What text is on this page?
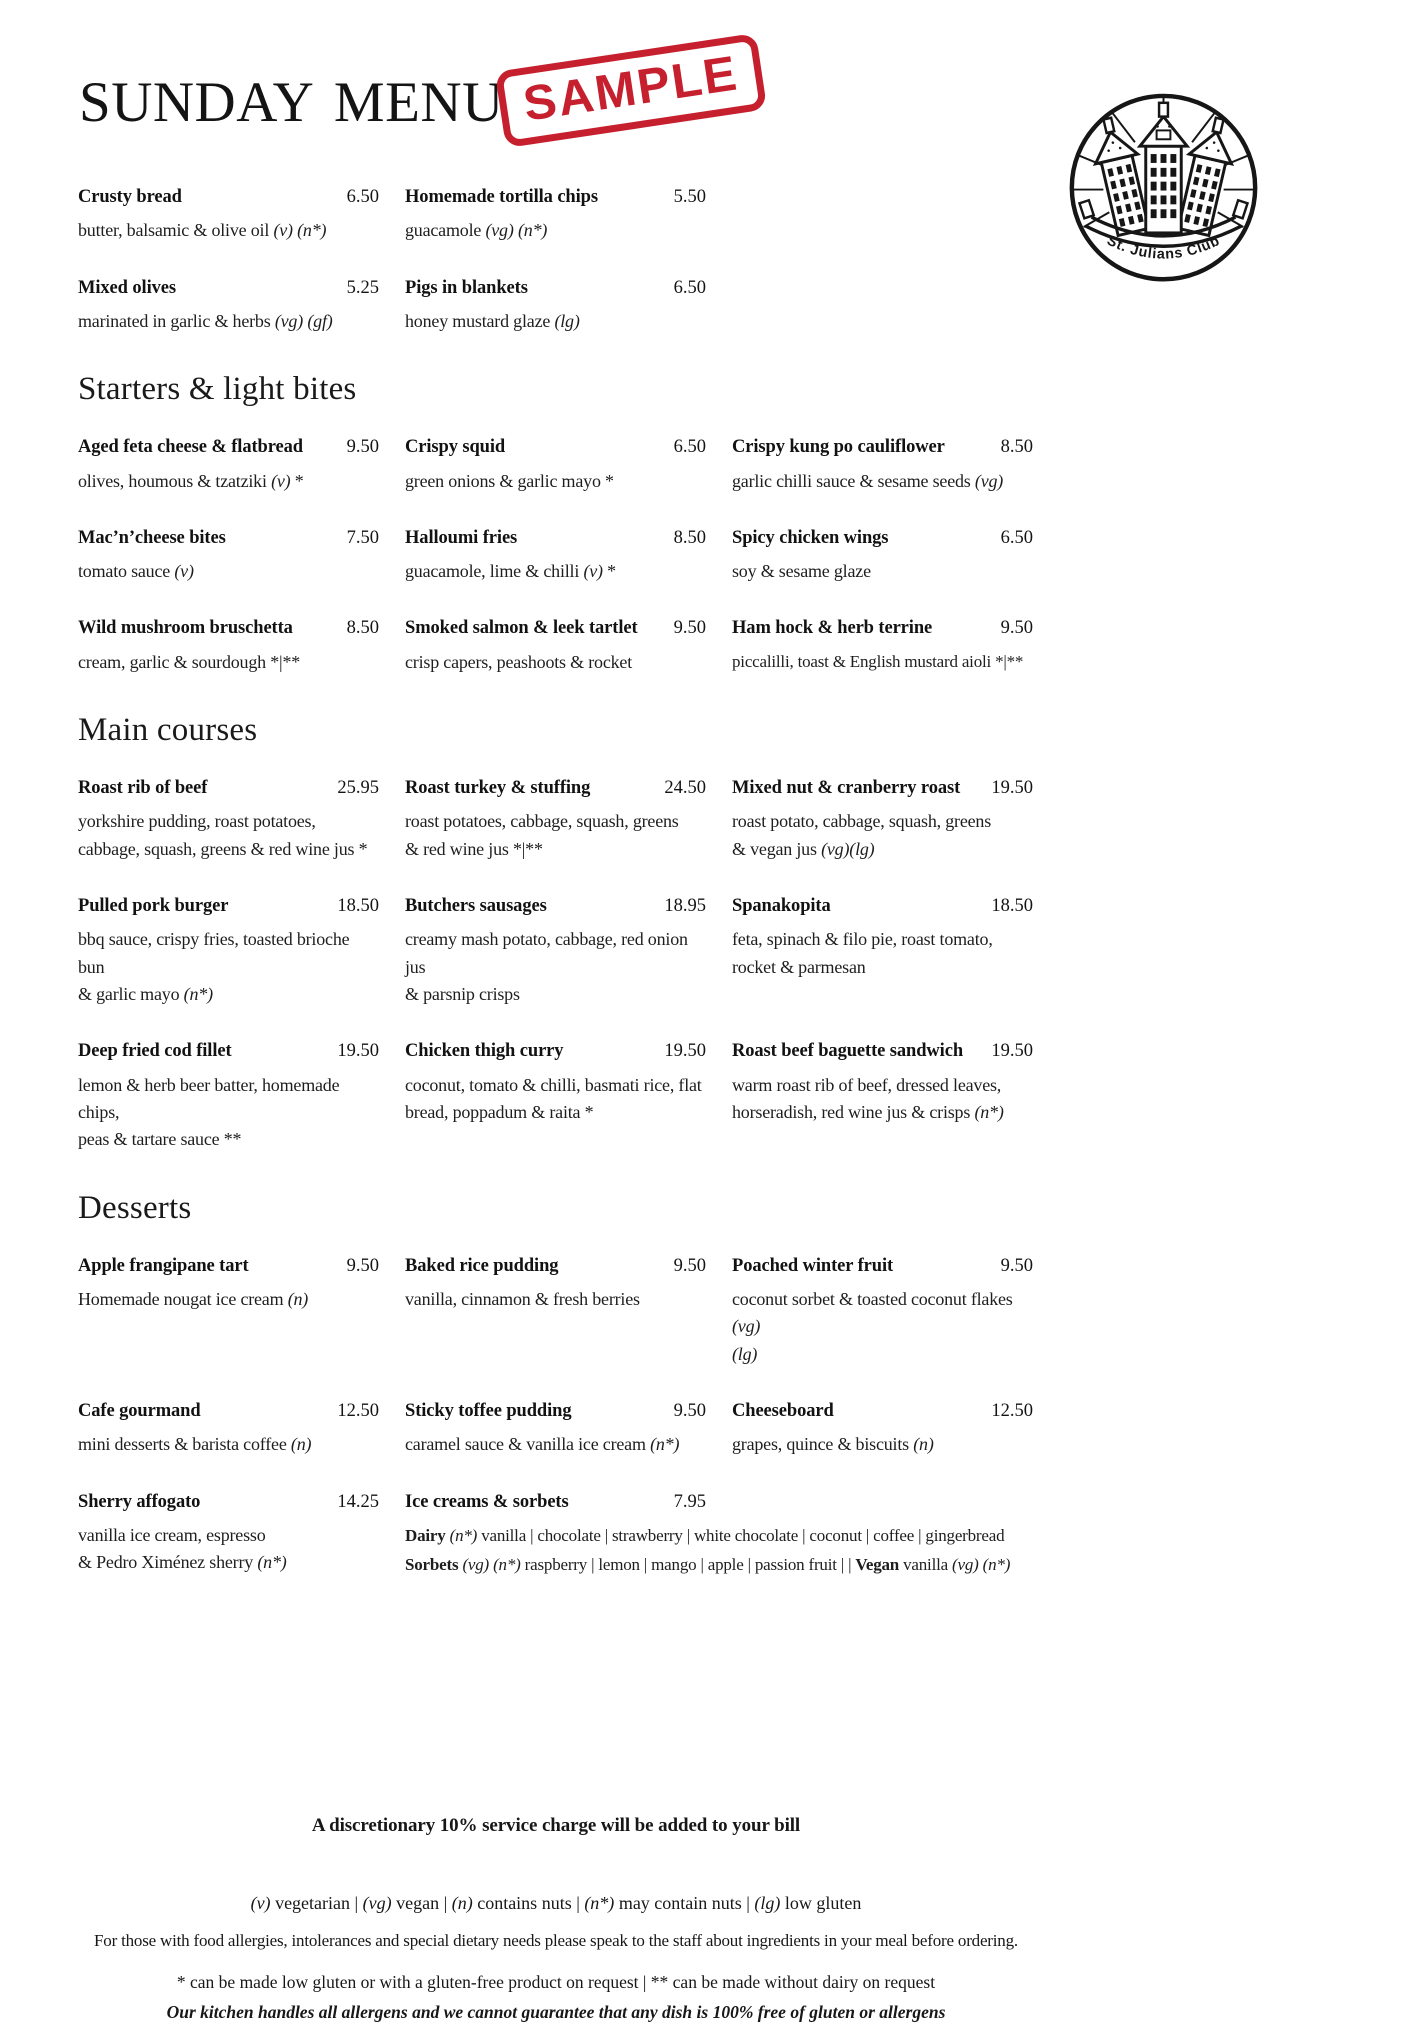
SUNDAY MENU SAMPLE
St. Julians Club
Crusty bread	6.50

butter, balsamic & olive oil (v) (n*)

Homemade tortilla chips	5.50

guacamole (vg) (n*)

Mixed olives	5.25

marinated in garlic & herbs (vg) (gf)

Pigs in blankets	6.50

honey mustard glaze (lg)

Starters & light bites
Aged feta cheese & flatbread 9.50

olives, houmous & tzatziki (v) *

Crispy squid	6.50

green onions & garlic mayo *

Crispy kung po cauliflower	8.50

garlic chilli sauce & sesame seeds (vg)

Mac’n’cheese bites	7.50

tomato sauce (v)

Halloumi fries	8.50

guacamole, lime & chilli (v) *

Spicy chicken wings	6.50

soy & sesame glaze

Wild mushroom bruschetta	8.50

cream, garlic & sourdough *|**

Smoked salmon & leek tartlet 9.50

crisp capers, peashoots & rocket

Ham hock & herb terrine	9.50

piccalilli, toast & English mustard aioli *|**

Main courses
Roast rib of beef	25.95

yorkshire pudding, roast potatoes, cabbage, squash, greens & red wine jus *

Roast turkey & stuffing	24.50

roast potatoes, cabbage, squash, greens
& red wine jus *|**

Mixed nut & cranberry roast 19.50

roast potato, cabbage, squash, greens
& vegan jus (vg)(lg)

Pulled pork burger	18.50

bbq sauce, crispy fries, toasted brioche bun
& garlic mayo (n*)

Butchers sausages	18.95

creamy mash potato, cabbage, red onion jus
& parsnip crisps

Spanakopita	18.50

feta, spinach & filo pie, roast tomato,
rocket & parmesan

Deep fried cod fillet	19.50

lemon & herb beer batter, homemade chips,
peas & tartare sauce **

Chicken thigh curry	19.50

coconut, tomato & chilli, basmati rice, flat
bread, poppadum & raita *

Roast beef baguette sandwich 19.50

warm roast rib of beef, dressed leaves,
horseradish, red wine jus & crisps (n*)

Desserts
Apple frangipane tart	9.50

Homemade nougat ice cream (n)

Baked rice pudding	9.50

vanilla, cinnamon & fresh berries

Poached winter fruit	9.50

coconut sorbet & toasted coconut flakes (vg)
(lg)

Cafe gourmand	12.50

mini desserts & barista coffee (n)

Sticky toffee pudding	9.50

caramel sauce & vanilla ice cream (n*)

Cheeseboard	12.50

grapes, quince & biscuits (n)

Sherry affogato	14.25

vanilla ice cream, espresso
& Pedro Ximénez sherry (n*)

Ice creams & sorbets	7.95

Dairy (n*) vanilla | chocolate | strawberry | white chocolate | coconut | coffee | gingerbread
Sorbets (vg) (n*) raspberry | lemon | mango | apple | passion fruit | | Vegan vanilla (vg) (n*)

A discretionary 10% service charge will be added to your bill

(v) vegetarian | (vg) vegan | (n) contains nuts | (n*) may contain nuts | (lg) low gluten

For those with food allergies, intolerances and special dietary needs please speak to the staff about ingredients in your meal before ordering.

* can be made low gluten or with a gluten-free product on request | ** can be made without dairy on request

Our kitchen handles all allergens and we cannot guarantee that any dish is 100% free of gluten or allergens
